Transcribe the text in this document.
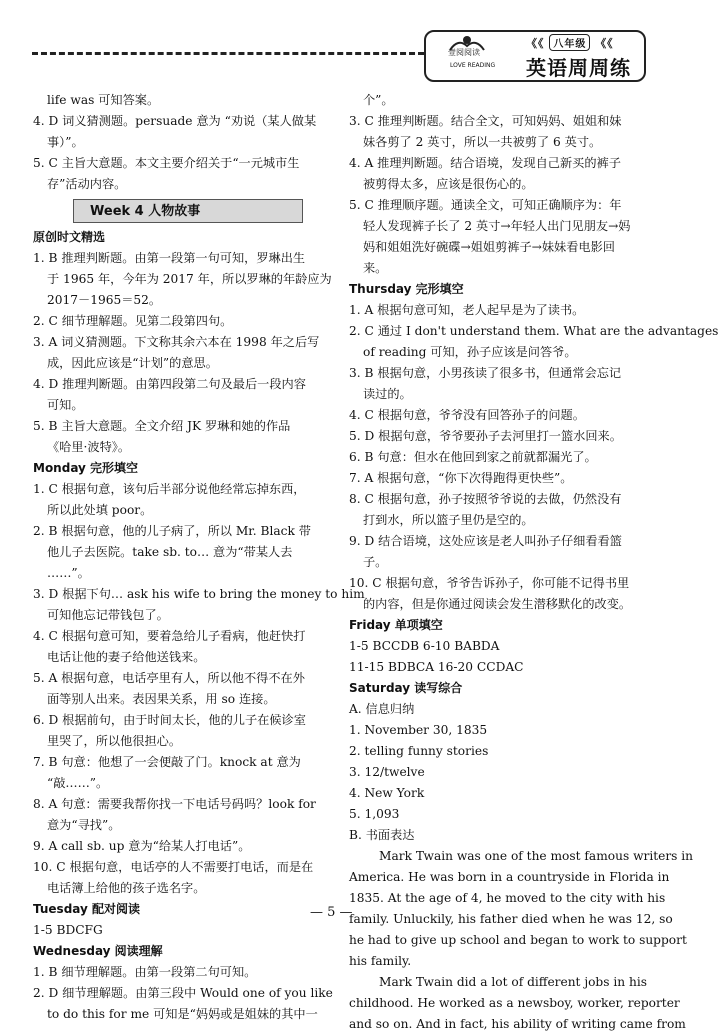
壹阅阅读
LOVE READING
《《 八年级 《《
英语周周练
life was 可知答案。
4. D 词义猜测题。persuade 意为 “劝说（某人做某
事）”。
5. C 主旨大意题。本文主要介绍关于“一元城市生
存”活动内容。
Week 4 人物故事
原创时文精选
1. B 推理判断题。由第一段第一句可知，罗琳出生
于 1965 年，今年为 2017 年，所以罗琳的年龄应为
2017－1965＝52。
2. C 细节理解题。见第二段第四句。
3. A 词义猜测题。下文称其余六本在 1998 年之后写
成，因此应该是“计划”的意思。
4. D 推理判断题。由第四段第二句及最后一段内容
可知。
5. B 主旨大意题。全文介绍 JK 罗琳和她的作品
《哈里·波特》。
Monday 完形填空
1. C 根据句意，该句后半部分说他经常忘掉东西，
所以此处填 poor。
2. B 根据句意，他的儿子病了，所以 Mr. Black 带
他儿子去医院。take sb. to… 意为“带某人去
……”。
3. D 根据下句… ask his wife to bring the money to him
可知他忘记带钱包了。
4. C 根据句意可知，要着急给儿子看病，他赶快打
电话让他的妻子给他送钱来。
5. A 根据句意，电话亭里有人，所以他不得不在外
面等别人出来。表因果关系，用 so 连接。
6. D 根据前句，由于时间太长，他的儿子在候诊室
里哭了，所以他很担心。
7. B 句意：他想了一会便敲了门。knock at 意为
“敲……”。
8. A 句意：需要我帮你找一下电话号码吗？look for
意为“寻找”。
9. A call sb. up 意为“给某人打电话”。
10. C 根据句意，电话亭的人不需要打电话，而是在
电话簿上给他的孩子选名字。
Tuesday 配对阅读
1-5 BDCFG
Wednesday 阅读理解
1. B 细节理解题。由第一段第二句可知。
2. D 细节理解题。由第三段中 Would one of you like
to do this for me 可知是“妈妈或是姐妹的其中一
个”。
3. C 推理判断题。结合全文，可知妈妈、姐姐和妹
妹各剪了 2 英寸，所以一共被剪了 6 英寸。
4. A 推理判断题。结合语境，发现自己新买的裤子
被剪得太多，应该是很伤心的。
5. C 推理顺序题。通读全文，可知正确顺序为：年
轻人发现裤子长了 2 英寸→年轻人出门见朋友→妈
妈和姐姐洗好碗碟→姐姐剪裤子→妹妹看电影回
来。
Thursday 完形填空
1. A 根据句意可知，老人起早是为了读书。
2. C 通过 I don't understand them. What are the advantages
of reading 可知，孙子应该是问答爷。
3. B 根据句意，小男孩读了很多书，但通常会忘记
读过的。
4. C 根据句意，爷爷没有回答孙子的问题。
5. D 根据句意，爷爷要孙子去河里打一篮水回来。
6. B 句意：但水在他回到家之前就都漏光了。
7. A 根据句意，“你下次得跑得更快些”。
8. C 根据句意，孙子按照爷爷说的去做，仍然没有
打到水，所以篮子里仍是空的。
9. D 结合语境，这处应该是老人叫孙子仔细看看篮
子。
10. C 根据句意，爷爷告诉孙子，你可能不记得书里
的内容，但是你通过阅读会发生潜移默化的改变。
Friday 单项填空
1-5 BCCDB 6-10 BABDA
11-15 BDBCA 16-20 CCDAC
Saturday 读写综合
A. 信息归纳
1. November 30, 1835
2. telling funny stories
3. 12/twelve
4. New York
5. 1,093
B. 书面表达
Mark Twain was one of the most famous writers in
America. He was born in a countryside in Florida in
1835. At the age of 4, he moved to the city with his
family. Unluckily, his father died when he was 12, so
he had to give up school and began to work to support
his family.
Mark Twain did a lot of different jobs in his
childhood. He worked as a newsboy, worker, reporter
and so on. And in fact, his ability of writing came from
— 5 —
